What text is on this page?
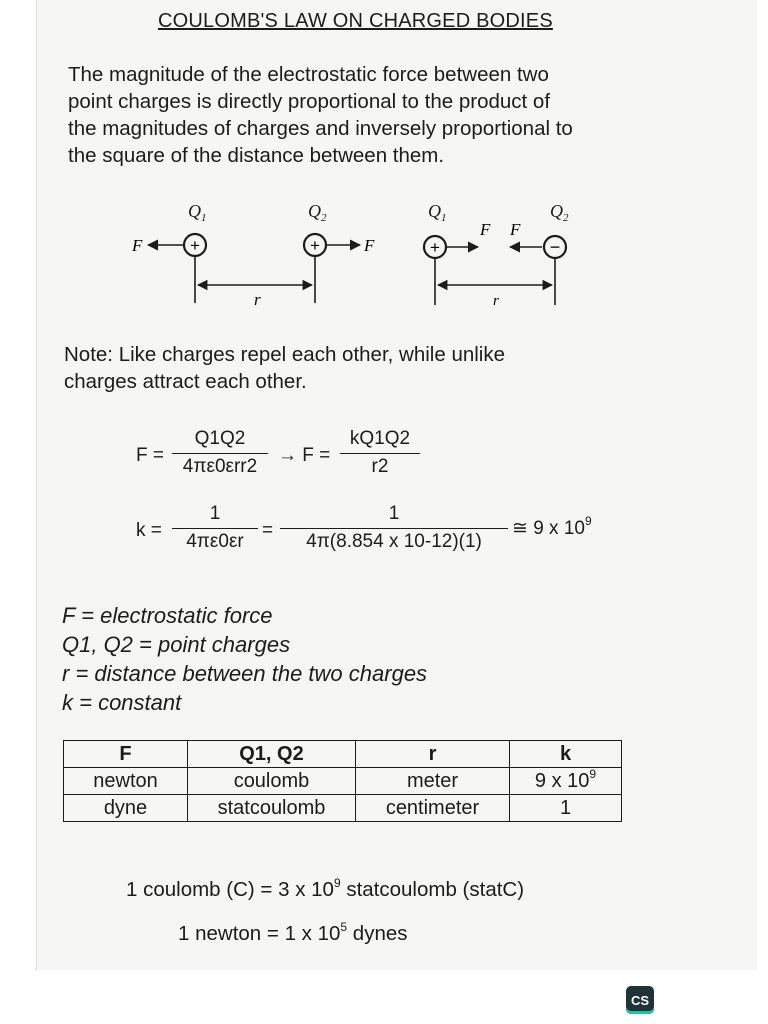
COULOMB'S LAW ON CHARGED BODIES
The magnitude of the electrostatic force between two
point charges is directly proportional to the product of
the magnitudes of charges and inversely proportional to
the square of the distance between them.
$Q_1$	$Q_2$	$Q_1$	$Q_2$
F	+	+	F
r
+
F F
−
r
Note: Like charges repel each other, while unlike
charges attract each other.
F =
Q1Q2
4πε0εrr2
→ $F = \frac{kQ1Q2}{r2}$
$k = \frac{1}{4\pi\varepsilon 0\varepsilon r} = \frac{1}{4\pi(8.854 x 10-12)(1)}$ ≅ 9 x $10^9$
F = electrostatic force
Q1, Q2 = point charges
r = distance between the two charges
k = constant
F	Q1, Q2	r	k
newton	coulomb	meter	9 x $10^9$
dyne	statcoulomb	centimeter	1
1 coulomb (C) = 3 x $10^9$ statcoulomb (statC)
1 newton = 1 x $10^5$ dynes
CS
